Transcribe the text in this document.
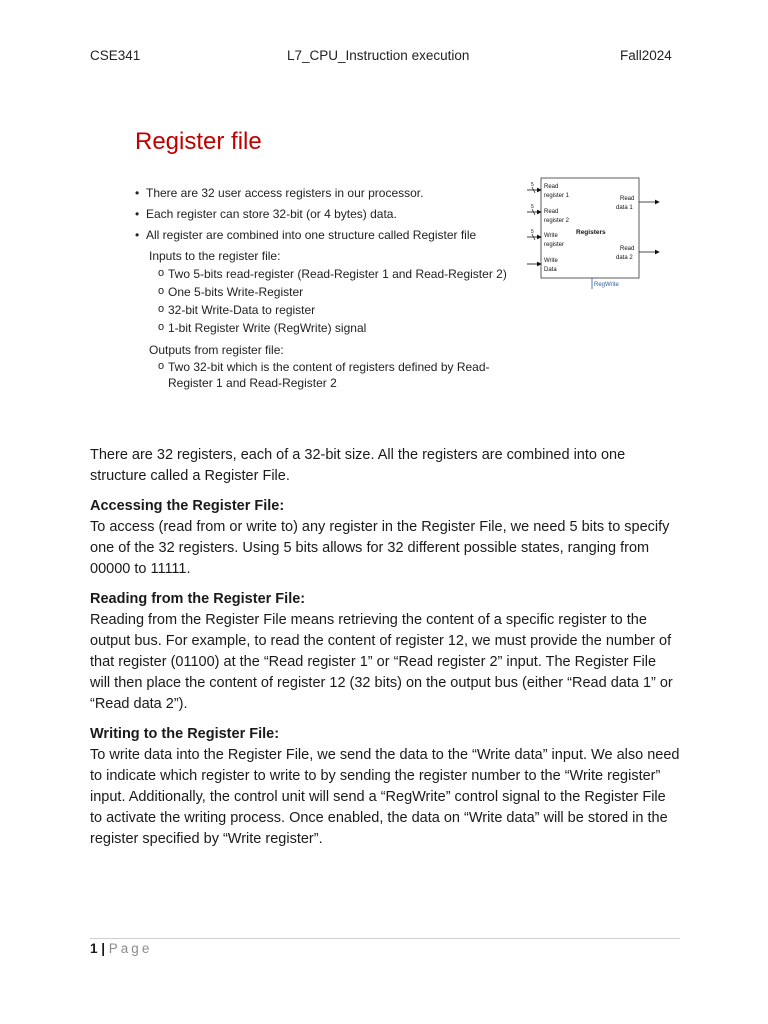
CSE341	L7_CPU_Instruction execution	Fall2024
Register file
• There are 32 user access registers in our processor.
• Each register can store 32-bit (or 4 bytes) data.
• All register are combined into one structure called Register file
Inputs to the register file:
o Two 5-bits read-register (Read-Register 1 and Read-Register 2)
o One 5-bits Write-Register
o 32-bit Write-Data to register
o 1-bit Register Write (RegWrite) signal
Outputs from register file:
o Two 32-bit which is the content of registers defined by Read-Register 1 and Read-Register 2
Registers
5 Read
register 1
5
Read
register 2
5
Write
register
Write
Data
Read
data 1
Read
data 2
RegWrite

There are 32 registers, each of a 32-bit size. All the registers are combined into one structure called a Register File.

Accessing the Register File:
To access (read from or write to) any register in the Register File, we need 5 bits to specify one of the 32 registers. Using 5 bits allows for 32 different possible states, ranging from 00000 to 11111.

Reading from the Register File:
Reading from the Register File means retrieving the content of a specific register to the output bus. For example, to read the content of register 12, we must provide the number of that register (01100) at the “Read register 1” or “Read register 2” input. The Register File will then place the content of register 12 (32 bits) on the output bus (either “Read data 1” or “Read data 2”).

Writing to the Register File:
To write data into the Register File, we send the data to the “Write data” input. We also need to indicate which register to write to by sending the register number to the “Write register” input. Additionally, the control unit will send a “RegWrite” control signal to the Register File to activate the writing process. Once enabled, the data on “Write data” will be stored in the register specified by “Write register”.

1 | Page
